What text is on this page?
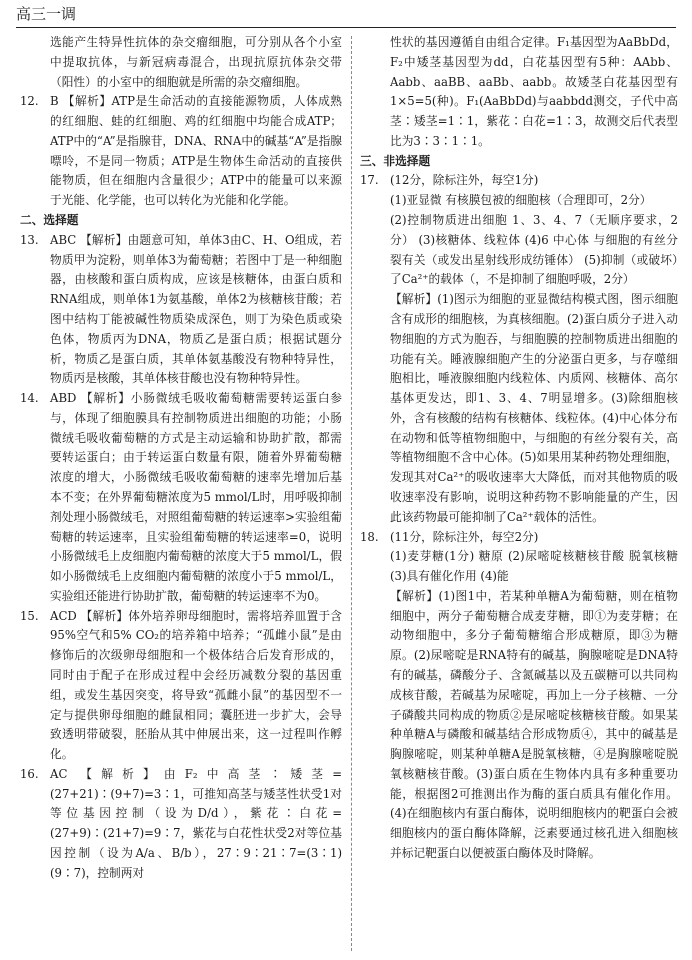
高三一调

选能产生特异性抗体的杂交瘤细胞，可分别从各个小室中提取抗体，与新冠病毒混合，出现抗原抗体杂交带（阳性）的小室中的细胞就是所需的杂交瘤细胞。

12. B 【解析】ATP是生命活动的直接能源物质，人体成熟的红细胞、蛙的红细胞、鸡的红细胞中均能合成ATP；ATP中的“A”是指腺苷，DNA、RNA中的碱基“A”是指腺嘌呤，不是同一物质；ATP是生物体生命活动的直接供能物质，但在细胞内含量很少；ATP中的能量可以来源于光能、化学能，也可以转化为光能和化学能。

二、选择题

13. ABC 【解析】由题意可知，单体3由C、H、O组成，若物质甲为淀粉，则单体3为葡萄糖；若图中丁是一种细胞器，由核酸和蛋白质构成，应该是核糖体，由蛋白质和RNA组成，则单体1为氨基酸，单体2为核糖核苷酸；若图中结构丁能被碱性物质染成深色，则丁为染色质或染色体，物质丙为DNA，物质乙是蛋白质；根据试题分析，物质乙是蛋白质，其单体氨基酸没有物种特异性，物质丙是核酸，其单体核苷酸也没有物种特异性。
14. ABD 【解析】小肠微绒毛吸收葡萄糖需要转运蛋白参与，体现了细胞膜具有控制物质进出细胞的功能；小肠微绒毛吸收葡萄糖的方式是主动运输和协助扩散，都需要转运蛋白；由于转运蛋白数量有限，随着外界葡萄糖浓度的增大，小肠微绒毛吸收葡萄糖的速率先增加后基本不变；在外界葡萄糖浓度为5 mmol/L时，用呼吸抑制剂处理小肠微绒毛，对照组葡萄糖的转运速率>实验组葡萄糖的转运速率，且实验组葡萄糖的转运速率=0，说明小肠微绒毛上皮细胞内葡萄糖的浓度大于5 mmol/L，假如小肠微绒毛上皮细胞内葡萄糖的浓度小于5 mmol/L，实验组还能进行协助扩散，葡萄糖的转运速率不为0。
15. ACD 【解析】体外培养卵母细胞时，需将培养皿置于含95%空气和5% CO₂的培养箱中培养；“孤雌小鼠”是由修饰后的次级卵母细胞和一个极体结合后发育形成的，同时由于配子在形成过程中会经历减数分裂的基因重组，或发生基因突变，将导致“孤雌小鼠”的基因型不一定与提供卵母细胞的雌鼠相同；囊胚进一步扩大，会导致透明带破裂，胚胎从其中伸展出来，这一过程叫作孵化。
16. AC 【解析】由F₂中高茎∶矮茎=(27+21)∶(9+7)=3∶1，可推知高茎与矮茎性状受1对等位基因控制（设为D/d），紫花∶白花=(27+9)∶(21+7)=9∶7，紫花与白花性状受2对等位基因控制（设为A/a、B/b），27∶9∶21∶7=(3∶1)(9∶7)，控制两对

性状的基因遵循自由组合定律。F₁基因型为AaBbDd，F₂中矮茎基因型为dd，白花基因型有5种：AAbb、Aabb、aaBB、aaBb、aabb。故矮茎白花基因型有1×5=5(种)。F₁(AaBbDd)与aabbdd测交，子代中高茎∶矮茎=1∶1，紫花∶白花=1∶3，故测交后代表型比为3∶3∶1∶1。

三、非选择题

17. (12分，除标注外，每空1分)

(1)亚显微 有核膜包被的细胞核（合理即可，2分）

(2)控制物质进出细胞 1、3、4、7（无顺序要求，2分） (3)核糖体、线粒体 (4)6 中心体 与细胞的有丝分裂有关（或发出星射线形成纺锤体） (5)抑制（或破坏）了Ca²⁺的载体（，不是抑制了细胞呼吸，2分）

【解析】(1)图示为细胞的亚显微结构模式图，图示细胞含有成形的细胞核，为真核细胞。(2)蛋白质分子进入动物细胞的方式为胞吞，与细胞膜的控制物质进出细胞的功能有关。睡液腺细胞产生的分泌蛋白更多，与存噬细胞相比，唾液腺细胞内线粒体、内质网、核糖体、高尔基体更发达，即1、3、4、7明显增多。(3)除细胞核外，含有核酸的结构有核糖体、线粒体。(4)中心体分布在动物和低等植物细胞中，与细胞的有丝分裂有关，高等植物细胞不含中心体。(5)如果用某种药物处理细胞，发现其对Ca²⁺的吸收速率大大降低，而对其他物质的吸收速率没有影响，说明这种药物不影响能量的产生，因此该药物最可能抑制了Ca²⁺载体的活性。

18. (11分，除标注外，每空2分)

(1)麦芽糖(1分) 糖原 (2)尿嘧啶核糖核苷酸 脱氧核糖 (3)具有催化作用 (4)能

【解析】(1)图1中，若某种单糖A为葡萄糖，则在植物细胞中，两分子葡萄糖合成麦芽糖，即①为麦芽糖；在动物细胞中，多分子葡萄糖缩合形成糖原，即③为糖原。(2)尿嘧啶是RNA特有的碱基，胸腺嘧啶是DNA特有的碱基，磷酸分子、含氮碱基以及五碳糖可以共同构成核苷酸，若碱基为尿嘧啶，再加上一分子核糖、一分子磷酸共同构成的物质②是尿嘧啶核糖核苷酸。如果某种单糖A与磷酸和碱基结合形成物质④，其中的碱基是胸腺嘧啶，则某种单糖A是脱氧核糖，④是胸腺嘧啶脱氧核糖核苷酸。(3)蛋白质在生物体内具有多种重要功能，根据图2可推测出作为酶的蛋白质具有催化作用。(4)在细胞核内有蛋白酶体，说明细胞核内的靶蛋白会被细胞核内的蛋白酶体降解，泛素要通过核孔进入细胞核并标记靶蛋白以便被蛋白酶体及时降解。
